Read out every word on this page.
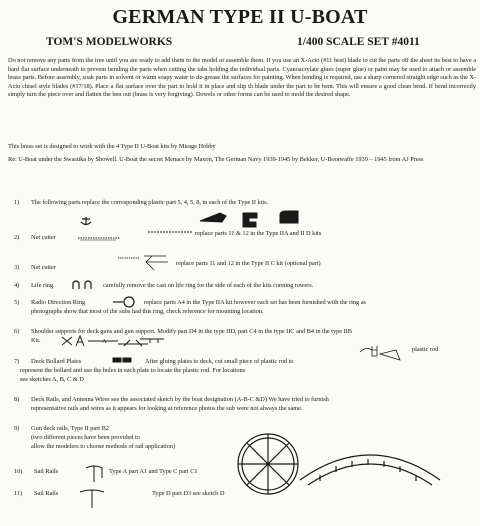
GERMAN TYPE II U-BOAT
TOM'S MODELWORKS	1/400 SCALE SET #4011
Do not remove any parts from the tree until you are ready to add them to the model or assemble them. If you use an X-Acto (#11 best) blade to cut the parts off the sheet its best to have a hard flat surface underneath to prevent bending the parts when cutting the tabs holding the individual parts. Cyanoacrylate glues (super glue) or paint may be used to attach or assemble brass parts. Before assembly, soak parts in solvent or warm soapy water to de-grease the surfaces for painting. When bending is required, use a sharp cornered straight edge such as the X-Acto chisel style blades (#17/18). Place a flat surface over the part to hold it in place and slip th blade under the part to be bent. This will ensure a good clean bend. If bend incorrectly simply turn the piece over and flatten the ben out (brass is very forgiving). Dowels or other forms can be used to mold the desired shape.
This brass set is designed to work with the 4 Type II U-Boat kits by Mirage Hobby
Re: U-Boat under the Swastika by Showell. U-Boat the secret Menace by Maxon, The German Navy 1939-1945 by Bekker, U-Bootwaffe 1939 – 1945 from AJ Press
1) The following parts replace the corresponding plastic part 5, 4, 5, 8, in each of the Type II kits.
2) Net cutter
replace parts 11 & 12 in the Type IIA and II D kits
3) Net cutter
replace parts 11 and 12 in the Type II C kit (optional part)
4) Life ring	carefully remove the cast on life ring for the side of each of the kits conning towers.
5) Radio Direction Ring	replace parts A4 in the Type IIA kit however each set has been furnished with the ring as
photographs show that most of the subs had this ring, check reference for mounting location.
6) Shoulder supports for deck guns and gun support. Modify part D4 in the type IID, part C4 in the type IIC and B4 in the type IIB
Kit.
7) Deck Bollard Plates	After gluing plates to deck, cut small piece of plastic rod to
represent the bollard and use the holes in each plate to locate the plastic rod. For locations
see sketches A, B, C & D
plastic rod
A
8) Deck Rails, and Antenna Wires see the associated sketch by the boat designation (A-B-C &D) We have tried to furnish
representative rails and wires as it appears for looking at reference photos the sub were not always the same.
9) Gun deck rails, Type II part B2
(two different pieces have been provided to
allow the modelers to choose methods of rail application)
10) Sail Rails	Type A part A1 and Type C part C1
11) Sail Rails	Type D part D3 see sketch D
